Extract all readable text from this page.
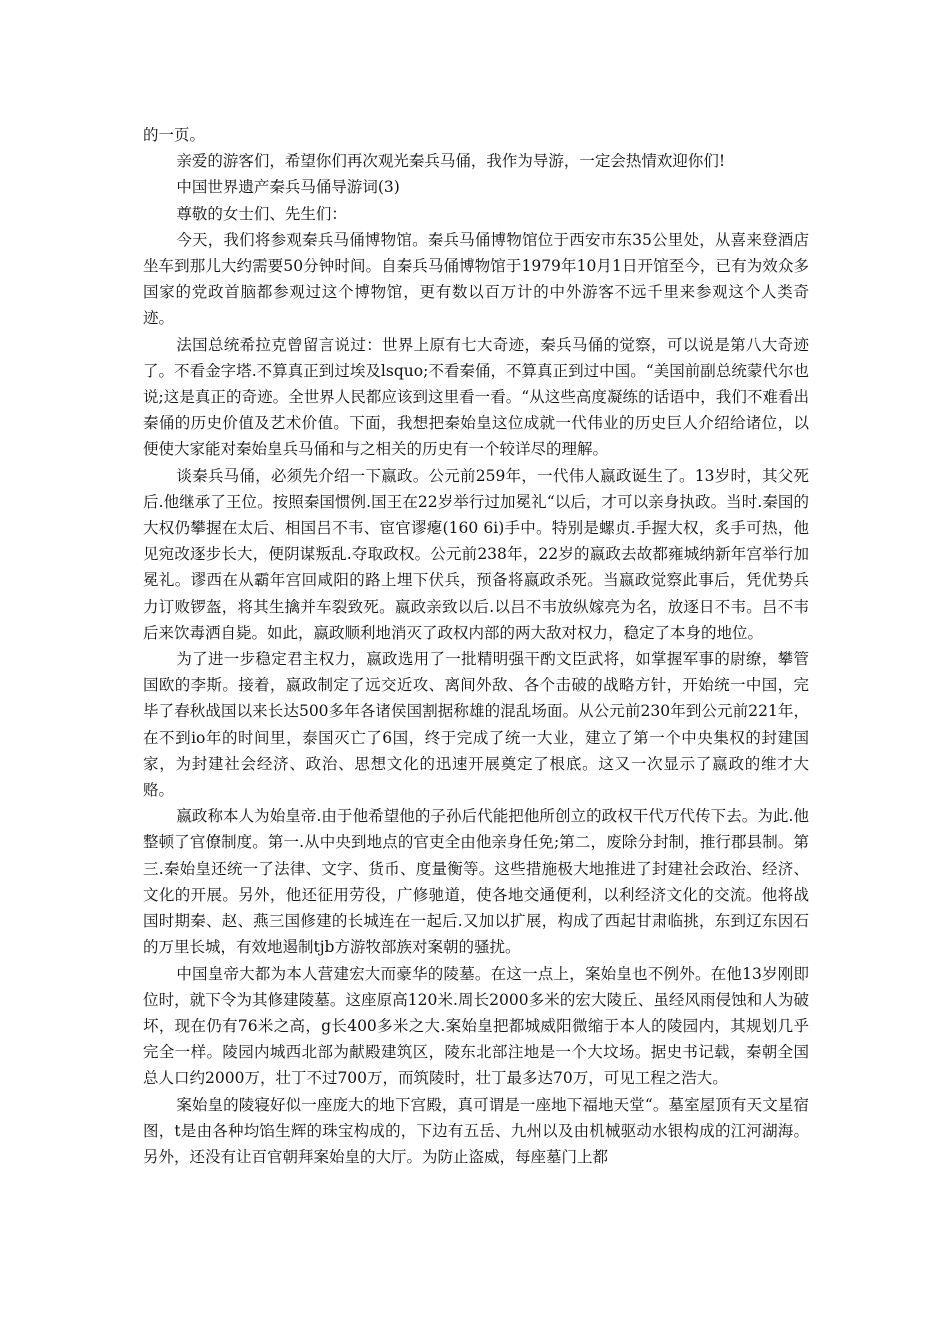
的一页。

亲爱的游客们，希望你们再次观光秦兵马俑，我作为导游，一定会热情欢迎你们!

中国世界遗产秦兵马俑导游词(3)

尊敬的女士们、先生们：

今天，我们将参观秦兵马俑博物馆。秦兵马俑博物馆位于西安市东35公里处，从喜来登酒店坐车到那儿大约需要50分钟时间。自秦兵马俑博物馆于1979年10月1日开馆至今，已有为效众多国家的党政首脑都参观过这个博物馆，更有数以百万计的中外游客不远千里来参观这个人类奇迹。

法国总统希拉克曾留言说过：世界上原有七大奇迹，秦兵马俑的觉察，可以说是第八大奇迹了。不看金字塔.不算真正到过埃及lsquo;不看秦俑，不算真正到过中国。“美国前副总统蒙代尔也说;这是真正的奇迹。全世界人民都应该到这里看一看。“从这些高度凝练的话语中，我们不难看出秦俑的历史价值及艺术价值。下面，我想把秦始皇这位成就一代伟业的历史巨人介绍给诸位，以便使大家能对秦始皇兵马俑和与之相关的历史有一个较详尽的理解。

谈秦兵马俑，必须先介绍一下嬴政。公元前259年，一代伟人嬴政诞生了。13岁时，其父死后.他继承了王位。按照秦国惯例.国王在22岁举行过加冕礼“以后，才可以亲身执政。当时.秦国的大权仍攀握在太后、相国吕不韦、宦官谬瘪(160 6i)手中。特别是螺贞.手握大权，炙手可热，他见宛改逐步长大，便阴谋叛乱.夺取政权。公元前238年，22岁的嬴政去故都雍城纳新年宫举行加冕礼。谬西在从霸年宫回咸阳的路上埋下伏兵，预备将嬴政杀死。当嬴政觉察此事后，凭优势兵力订败锣盔，将其生擒并车裂致死。嬴政亲致以后.以吕不韦放纵嫁亮为名，放逐日不韦。吕不韦后来饮毒洒自毙。如此，嬴政顺利地消灭了政权内部的两大敌对权力，稳定了本身的地位。

为了进一步稳定君主权力，嬴政选用了一批精明强干酌文臣武将，如掌握军事的尉缭，攀管国欧的李斯。接着，嬴政制定了远交近攻、离间外敌、各个击破的战略方针，开始统一中国，完毕了春秋战国以来长达500多年各诸侯国割据称雄的混乱场面。从公元前230年到公元前221年，在不到io年的时间里，泰国灭亡了6国，终于完成了统一大业，建立了第一个中央集权的封建国家，为封建社会经济、政治、思想文化的迅速开展奠定了根底。这又一次显示了嬴政的维才大赂。

嬴政称本人为始皇帝.由于他希望他的子孙后代能把他所创立的政权干代万代传下去。为此.他整顿了官僚制度。第一.从中央到地点的官吏全由他亲身任免;第二，废除分封制，推行郡县制。第三.秦始皇还统一了法律、文字、货币、度量衡等。这些措施极大地推进了封建社会政治、经济、文化的开展。另外，他还征用劳役，广修驰道，使各地交通便利，以利经济文化的交流。他将战国时期秦、赵、燕三国修建的长城连在一起后.又加以扩展，构成了西起甘肃临挑，东到辽东因石的万里长城，有效地遏制tjb方游牧部族对案朝的骚扰。

中国皇帝大都为本人营建宏大而豪华的陵墓。在这一点上，案始皇也不例外。在他13岁刚即位时，就下令为其修建陵墓。这座原高120米.周长2000多米的宏大陵丘、虽经风雨侵蚀和人为破坏，现在仍有76米之高，g长400多米之大.案始皇把都城威阳微缩于本人的陵园内，其规划几乎完全一样。陵园内城西北部为献殿建筑区，陵东北部注地是一个大坟场。据史书记载，秦朝全国总人口约2000万，壮丁不过700万，而筑陵时，壮丁最多达70万，可见工程之浩大。

案始皇的陵寝好似一座庞大的地下宫殿，真可谓是一座地下福地天堂“。墓室屋顶有天文星宿图，t是由各种均馅生辉的珠宝构成的，下边有五岳、九州以及由机械驱动水银构成的江河湖海。另外，还没有让百官朝拜案始皇的大厅。为防止盗威，每座墓门上都
